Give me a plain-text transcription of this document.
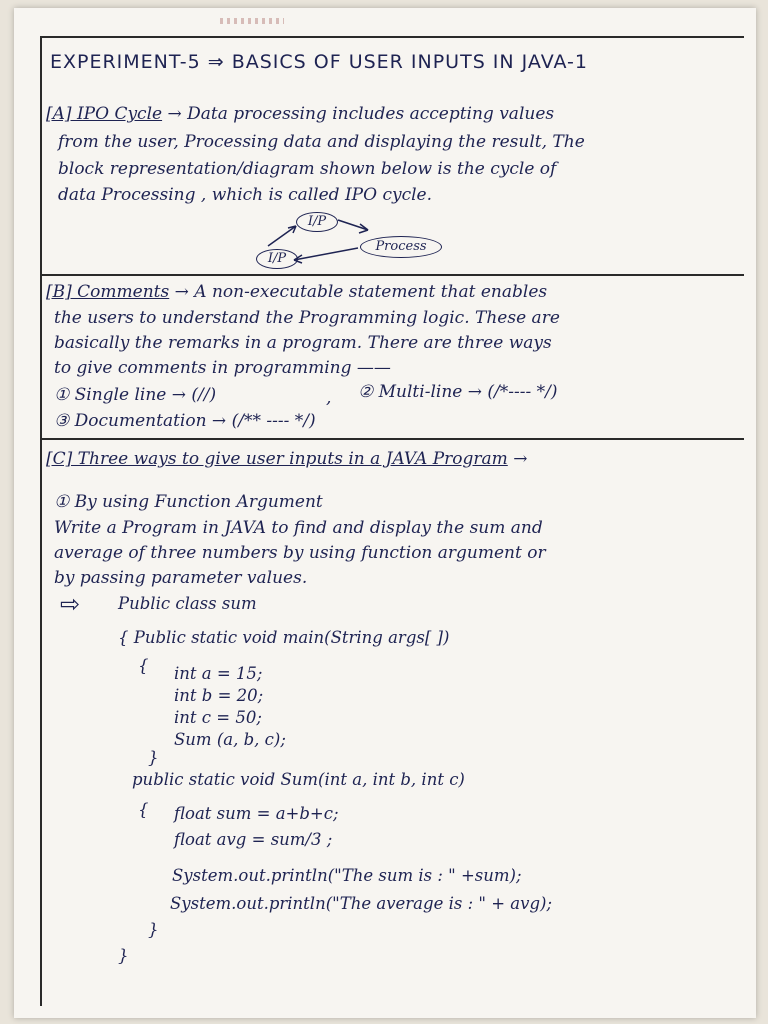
EXPERIMENT-5 ⇒ BASICS OF USER INPUTS IN JAVA-1

[A] IPO Cycle → Data processing includes accepting values

from the user, Processing data and displaying the result, The

block representation/diagram shown below is the cycle of

data Processing , which is called IPO cycle.

I/P
Process
I/P

[B] Comments → A non-executable statement that enables

the users to understand the Programming logic. These are

basically the remarks in a program. There are three ways

to give comments in programming ——

① Single line → (//)	, ② Multi-line → (/*---- */)

③ Documentation → (/** ---- */)

[C] Three ways to give user inputs in a JAVA Program →

① By using Function Argument

Write a Program in JAVA to find and display the sum and

average of three numbers by using function argument or

by passing parameter values.

⇨ Public class sum

{ Public static void main(String args[ ])

{ int a = 15;

int b = 20;

int c = 50;

Sum (a, b, c);

}

public static void Sum(int a, int b, int c)

{ float sum = a+b+c;

float avg = sum/3 ;

System.out.println("The sum is : " +sum);

System.out.println("The average is : " + avg);

}

}
